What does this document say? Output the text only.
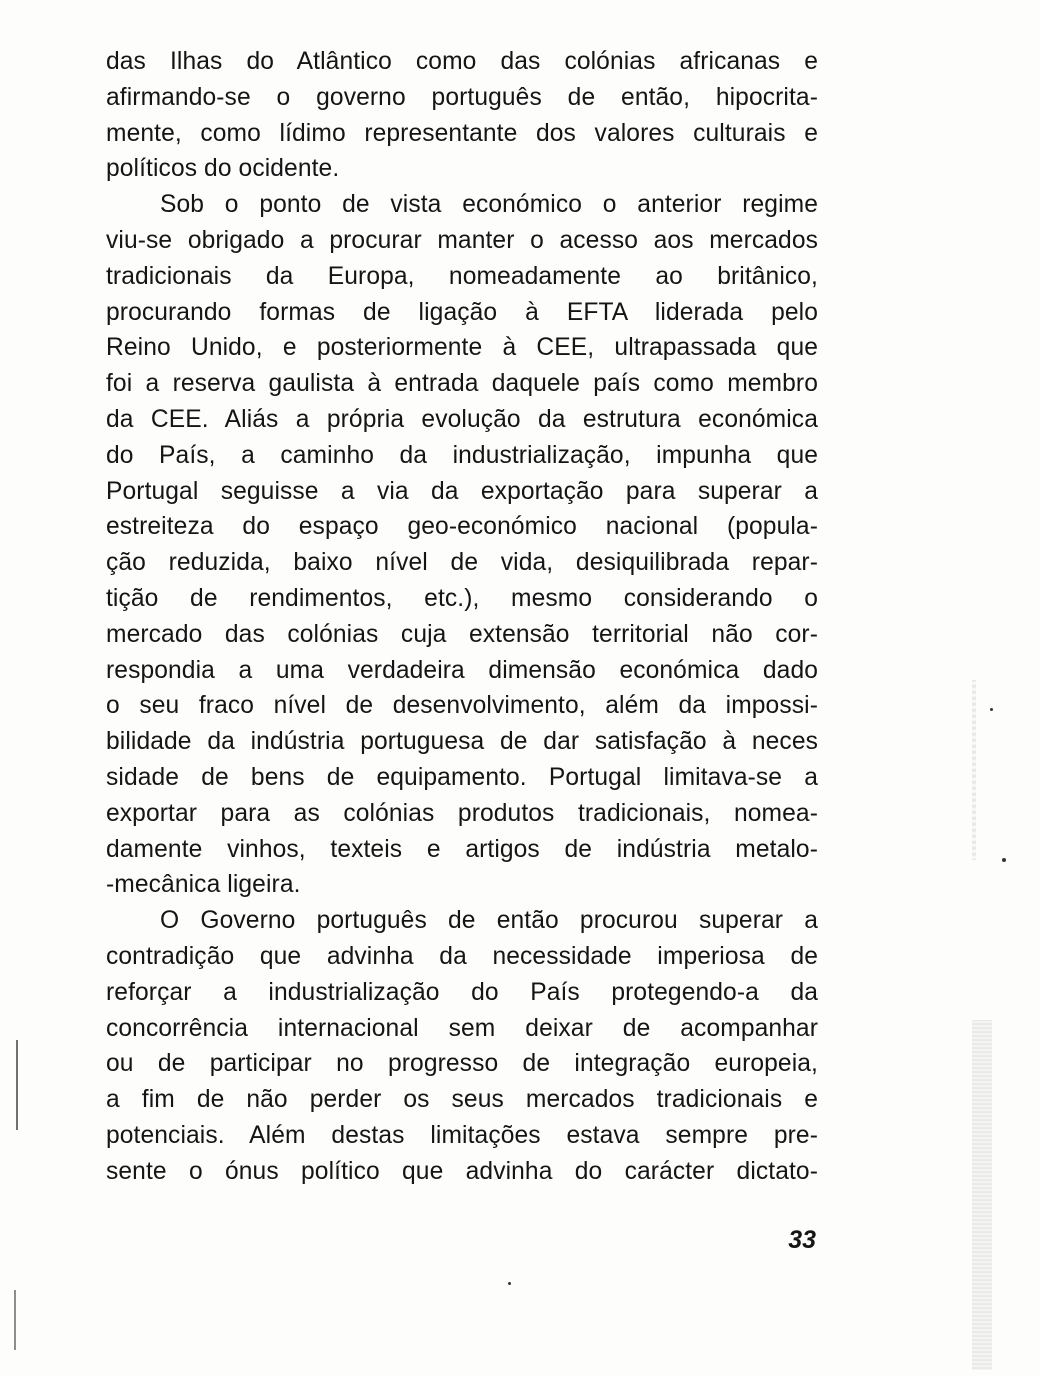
das Ilhas do Atlântico como das colónias africanas e
afirmando-se o governo português de então, hipocrita-
mente, como lídimo representante dos valores culturais e
políticos do ocidente.
Sob o ponto de vista económico o anterior regime
viu-se obrigado a procurar manter o acesso aos mercados
tradicionais da Europa, nomeadamente ao britânico,
procurando formas de ligação à EFTA liderada pelo
Reino Unido, e posteriormente à CEE, ultrapassada que
foi a reserva gaulista à entrada daquele país como membro
da CEE. Aliás a própria evolução da estrutura económica
do País, a caminho da industrialização, impunha que
Portugal seguisse a via da exportação para superar a
estreiteza do espaço geo-económico nacional (popula-
ção reduzida, baixo nível de vida, desiquilibrada repar-
tição de rendimentos, etc.), mesmo considerando o
mercado das colónias cuja extensão territorial não cor-
respondia a uma verdadeira dimensão económica dado
o seu fraco nível de desenvolvimento, além da impossi-
bilidade da indústria portuguesa de dar satisfação à neces
sidade de bens de equipamento. Portugal limitava-se a
exportar para as colónias produtos tradicionais, nomea-
damente vinhos, texteis e artigos de indústria metalo-
-mecânica ligeira.
O Governo português de então procurou superar a
contradição que advinha da necessidade imperiosa de
reforçar a industrialização do País protegendo-a da
concorrência internacional sem deixar de acompanhar
ou de participar no progresso de integração europeia,
a fim de não perder os seus mercados tradicionais e
potenciais. Além destas limitações estava sempre pre-
sente o ónus político que advinha do carácter dictato-
33
